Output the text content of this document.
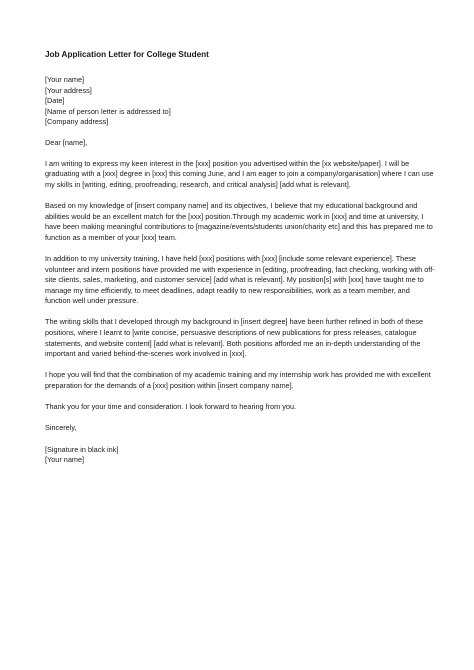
Job Application Letter for College Student
[Your name]
[Your address]
[Date]
[Name of person letter is addressed to]
[Company address]
Dear [name],
I am writing to express my keen interest in the [xxx] position you advertised within the [xx website/paper]. I will be graduating with a [xxx] degree in [xxx] this coming June, and I am eager to join a company/organisation] where I can use my skills in [writing, editing, proofreading, research, and critical analysis] [add what is relevant].
Based on my knowledge of [insert company name] and its objectives, I believe that my educational background and abilities would be an excellent match for the [xxx] position.Through my academic work in [xxx] and time at university, I have been making meaningful contributions to [magazine/events/students union/charity etc] and this has prepared me to function as a member of your [xxx] team.
In addition to my university training, I have held [xxx] positions with [xxx] [include some relevant experience]. These volunteer and intern positions have provided me with experience in [editing, proofreading, fact checking, working with off-site clients, sales, marketing, and customer service] [add what is relevant]. My position[s] with [xxx] have taught me to manage my time efficiently, to meet deadlines, adapt readily to new responsibilities, work as a team member, and function well under pressure.
The writing skills that I developed through my background in [insert degree] have been further refined in both of these positions, where I learnt to [write concise, persuasive descriptions of new publications for press releases, catalogue statements, and website content] [add what is relevant]. Both positions afforded me an in-depth understanding of the important and varied behind-the-scenes work involved in [xxx].
I hope you will find that the combination of my academic training and my internship work has provided me with excellent preparation for the demands of a [xxx] position within [insert company name].
Thank you for your time and consideration. I look forward to hearing from you.
Sincerely,
[Signature in black ink]
[Your name]
